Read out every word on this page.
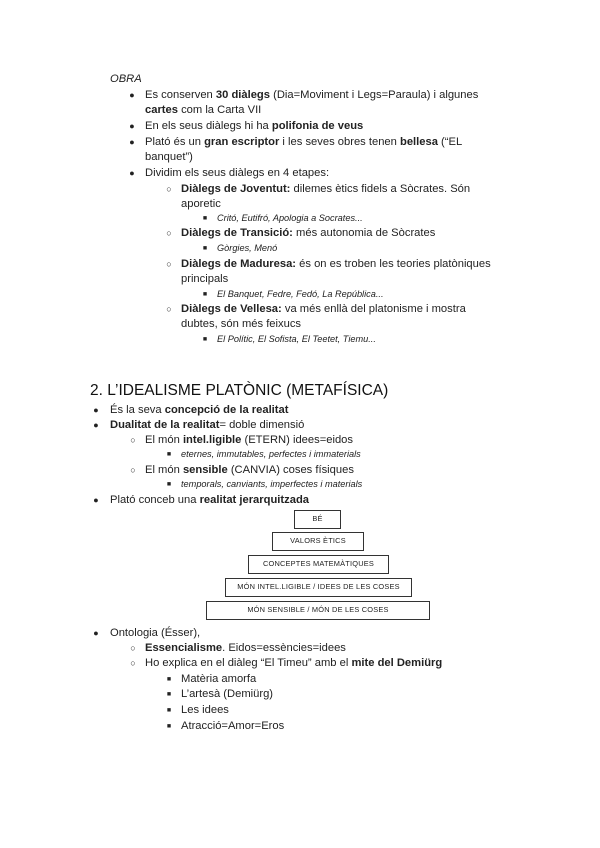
OBRA
● Es conserven 30 diàlegs (Dia=Moviment i Legs=Paraula) i algunes
cartes com la Carta VII
● En els seus diàlegs hi ha polifonia de veus
● Plató és un gran escriptor i les seves obres tenen bellesa (“EL
banquet”)
● Dividim els seus diàlegs en 4 etapes:
○ Diàlegs de Joventut: dilemes ètics fidels a Sòcrates. Són
aporetic
■	Critó, Eutifró, Apologia a Socrates...
○ Diàlegs de Transició: més autonomia de Sòcrates
■	Gòrgies, Menó
○ Diàlegs de Maduresa: és on es troben les teories platòniques
principals
■	El Banquet, Fedre, Fedó, La República...
○ Diàlegs de Vellesa: va més enllà del platonisme i mostra
dubtes, són més feixucs
■	El Polític, El Sofista, El Teetet, Tiemu...
2. L’IDEALISME PLATÒNIC (METAFÍSICA)
● És la seva concepció de la realitat
● Dualitat de la realitat= doble dimensió
○ El món intel.ligible (ETERN) idees=eidos
■	eternes, immutables, perfectes i immaterials
○ El món sensible (CANVIA) coses físiques
■	temporals, canviants, imperfectes i materials
● Plató conceb una realitat jerarquitzada
BÉ
VALORS ÈTICS
CONCEPTES MATEMÀTIQUES
MÓN INTEL.LIGIBLE / IDEES DE LES COSES
MÓN SENSIBLE / MÓN DE LES COSES
● Ontologia (Ésser),
○ Essencialisme. Eidos=essències=idees
○ Ho explica en el diàleg “El Timeu” amb el mite del Demiürg
■ Matèria amorfa
■ L’artesà (Demiürg)
■ Les idees
■ Atracció=Amor=Eros
